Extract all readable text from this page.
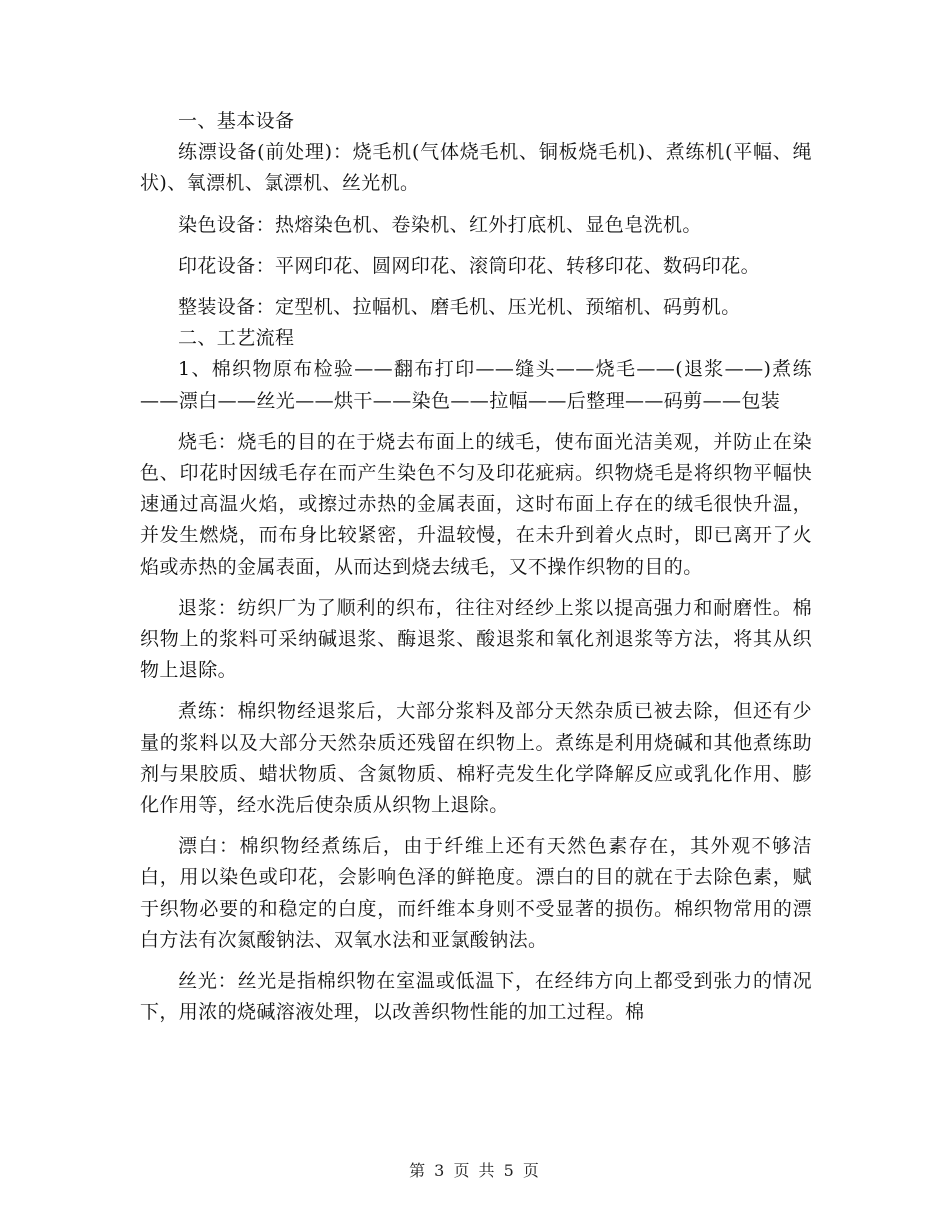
一、基本设备

练漂设备(前处理)：烧毛机(气体烧毛机、铜板烧毛机)、煮练机(平幅、绳状)、氧漂机、氯漂机、丝光机。

染色设备：热熔染色机、卷染机、红外打底机、显色皂洗机。

印花设备：平网印花、圆网印花、滚筒印花、转移印花、数码印花。

整装设备：定型机、拉幅机、磨毛机、压光机、预缩机、码剪机。

二、工艺流程

1、棉织物原布检验——翻布打印——缝头——烧毛——(退浆——)煮练——漂白——丝光——烘干——染色——拉幅——后整理——码剪——包装

烧毛：烧毛的目的在于烧去布面上的绒毛，使布面光洁美观，并防止在染色、印花时因绒毛存在而产生染色不匀及印花疵病。织物烧毛是将织物平幅快速通过高温火焰，或擦过赤热的金属表面，这时布面上存在的绒毛很快升温，并发生燃烧，而布身比较紧密，升温较慢，在未升到着火点时，即已离开了火焰或赤热的金属表面，从而达到烧去绒毛，又不操作织物的目的。

退浆：纺织厂为了顺利的织布，往往对经纱上浆以提高强力和耐磨性。棉织物上的浆料可采纳碱退浆、酶退浆、酸退浆和氧化剂退浆等方法，将其从织物上退除。

煮练：棉织物经退浆后，大部分浆料及部分天然杂质已被去除，但还有少量的浆料以及大部分天然杂质还残留在织物上。煮练是利用烧碱和其他煮练助剂与果胶质、蜡状物质、含氮物质、棉籽壳发生化学降解反应或乳化作用、膨化作用等，经水洗后使杂质从织物上退除。

漂白：棉织物经煮练后，由于纤维上还有天然色素存在，其外观不够洁白，用以染色或印花，会影响色泽的鲜艳度。漂白的目的就在于去除色素，赋于织物必要的和稳定的白度，而纤维本身则不受显著的损伤。棉织物常用的漂白方法有次氮酸钠法、双氧水法和亚氯酸钠法。

丝光：丝光是指棉织物在室温或低温下，在经纬方向上都受到张力的情况下，用浓的烧碱溶液处理，以改善织物性能的加工过程。棉

第 3 页 共 5 页
